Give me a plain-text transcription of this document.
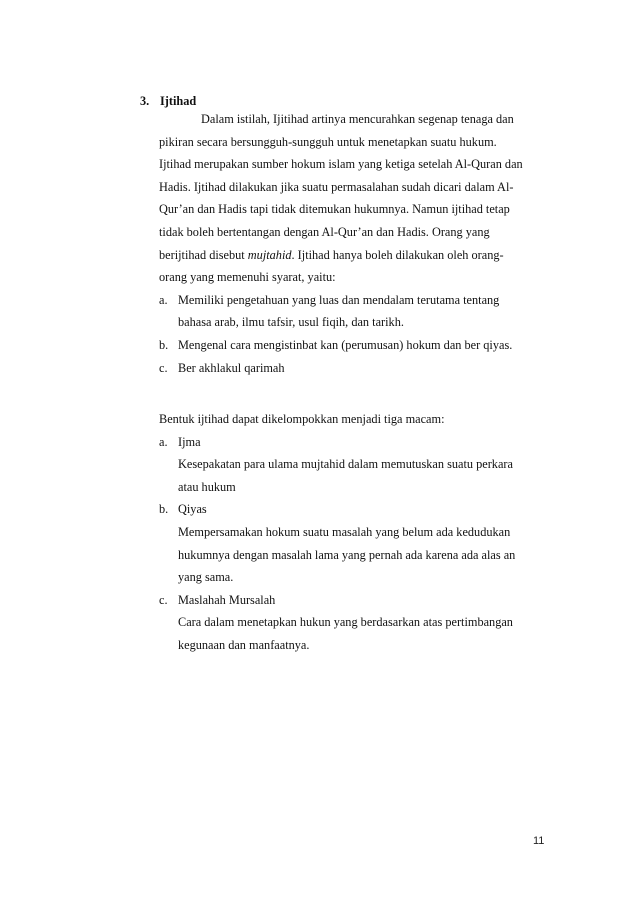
3. Ijtihad
Dalam istilah, Ijitihad artinya mencurahkan segenap tenaga dan
pikiran secara bersungguh-sungguh untuk menetapkan suatu hukum.
Ijtihad merupakan sumber hokum islam yang ketiga setelah Al-Quran dan
Hadis. Ijtihad dilakukan jika suatu permasalahan sudah dicari dalam Al-
Qur’an dan Hadis tapi tidak ditemukan hukumnya. Namun ijtihad tetap
tidak boleh bertentangan dengan Al-Qur’an dan Hadis. Orang yang
berijtihad disebut mujtahid. Ijtihad hanya boleh dilakukan oleh orang-
orang yang memenuhi syarat, yaitu:
a. Memiliki pengetahuan yang luas dan mendalam terutama tentang
bahasa arab, ilmu tafsir, usul fiqih, dan tarikh.
b. Mengenal cara mengistinbat kan (perumusan) hokum dan ber qiyas.
c. Ber akhlakul qarimah
Bentuk ijtihad dapat dikelompokkan menjadi tiga macam:
a. Ijma
Kesepakatan para ulama mujtahid dalam memutuskan suatu perkara
atau hukum
b. Qiyas
Mempersamakan hokum suatu masalah yang belum ada kedudukan
hukumnya dengan masalah lama yang pernah ada karena ada alas an
yang sama.
c. Maslahah Mursalah
Cara dalam menetapkan hukun yang berdasarkan atas pertimbangan
kegunaan dan manfaatnya.
11
